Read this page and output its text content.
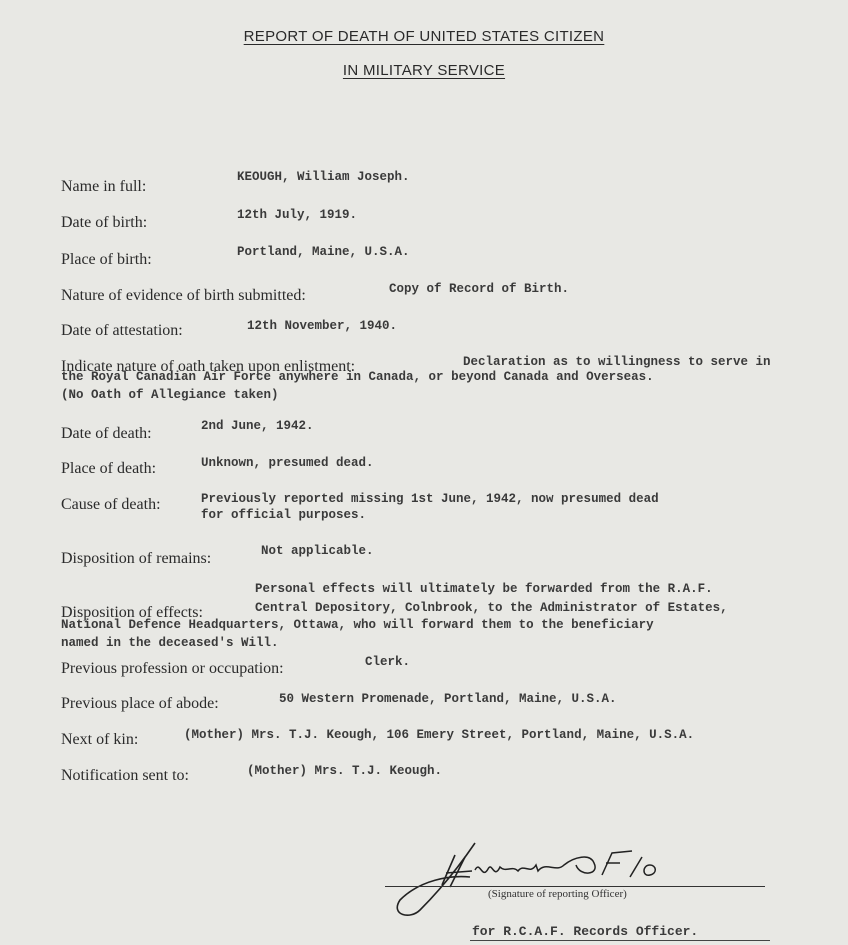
REPORT OF DEATH OF UNITED STATES CITIZEN
IN MILITARY SERVICE
Name in full:
KEOUGH, William Joseph.
Date of birth:	12th July, 1919.
Place of birth:	Portland, Maine, U.S.A.
Nature of evidence of birth submitted:	Copy of Record of Birth.
Date of attestation:	12th November, 1940.
Indicate nature of oath taken upon enlistment:	Declaration as to willingness to serve in
the Royal Canadian Air Force anywhere in Canada, or beyond Canada and Overseas.
(No Oath of Allegiance taken)
Date of death:	2nd June, 1942.
Place of death:	Unknown, presumed dead.
Cause of death:	Previously reported missing 1st June, 1942, now presumed dead
for official purposes.
Disposition of remains:	Not applicable.
Disposition of effects:
Personal effects will ultimately be forwarded from the R.A.F.
Central Depository, Colnbrook, to the Administrator of Estates,
National Defence Headquarters, Ottawa, who will forward them to the beneficiary
named in the deceased's Will.
Previous profession or occupation:	Clerk.
Previous place of abode:	50 Western Promenade, Portland, Maine, U.S.A.
Next of kin:	(Mother) Mrs. T.J. Keough, 106 Emery Street, Portland, Maine, U.S.A.
Notification sent to:	(Mother) Mrs. T.J. Keough.
(Signature of reporting Officer)
for R.C.A.F. Records Officer.
